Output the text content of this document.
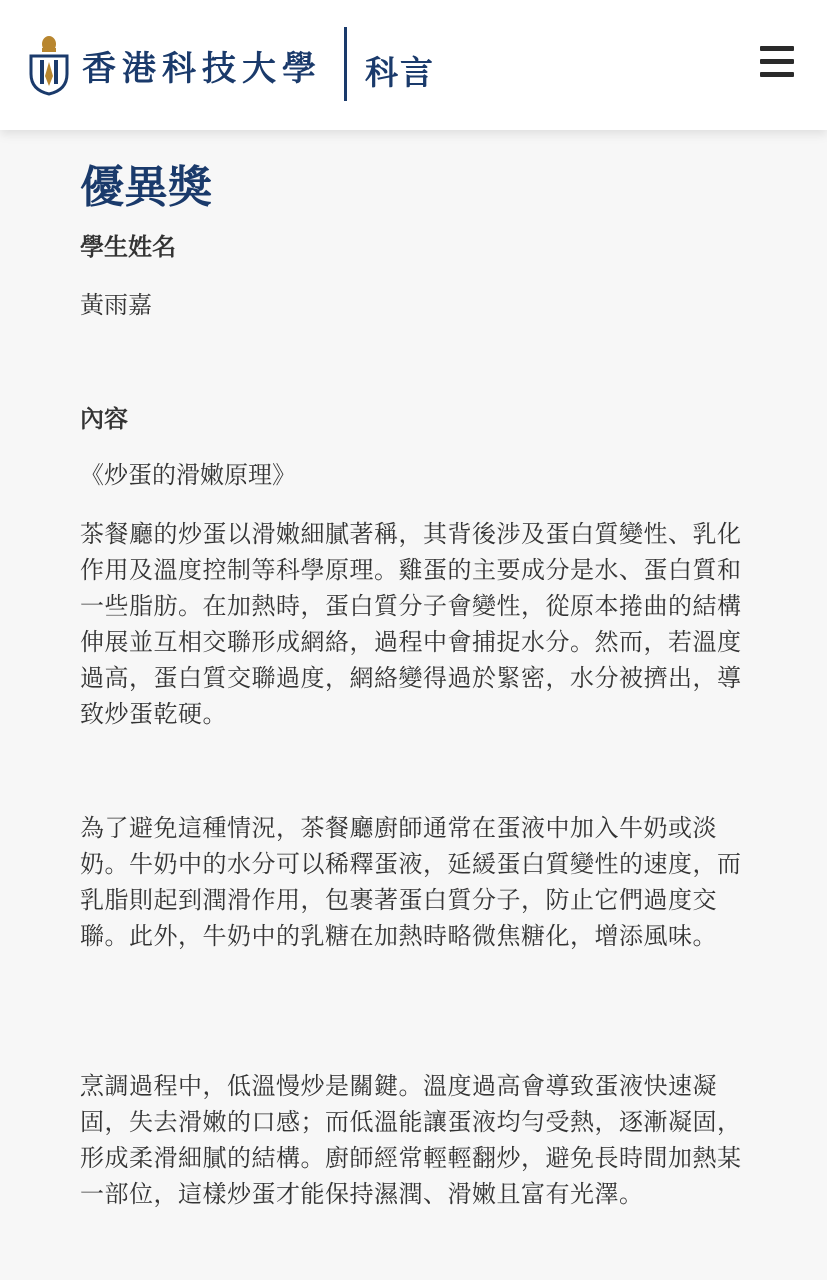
香港科技大學 科言
優異獎
學生姓名
黃雨嘉
內容
《炒蛋的滑嫩原理》
茶餐廳的炒蛋以滑嫩細膩著稱，其背後涉及蛋白質變性、乳化作用及溫度控制等科學原理。雞蛋的主要成分是水、蛋白質和一些脂肪。在加熱時，蛋白質分子會變性，從原本捲曲的結構伸展並互相交聯形成網絡，過程中會捕捉水分。然而，若溫度過高，蛋白質交聯過度，網絡變得過於緊密，水分被擠出，導致炒蛋乾硬。
為了避免這種情況，茶餐廳廚師通常在蛋液中加入牛奶或淡奶。牛奶中的水分可以稀釋蛋液，延緩蛋白質變性的速度，而乳脂則起到潤滑作用，包裹著蛋白質分子，防止它們過度交聯。此外，牛奶中的乳糖在加熱時略微焦糖化，增添風味。
烹調過程中，低溫慢炒是關鍵。溫度過高會導致蛋液快速凝固，失去滑嫩的口感；而低溫能讓蛋液均勻受熱，逐漸凝固，形成柔滑細膩的結構。廚師經常輕輕翻炒，避免長時間加熱某一部位，這樣炒蛋才能保持濕潤、滑嫩且富有光澤。
